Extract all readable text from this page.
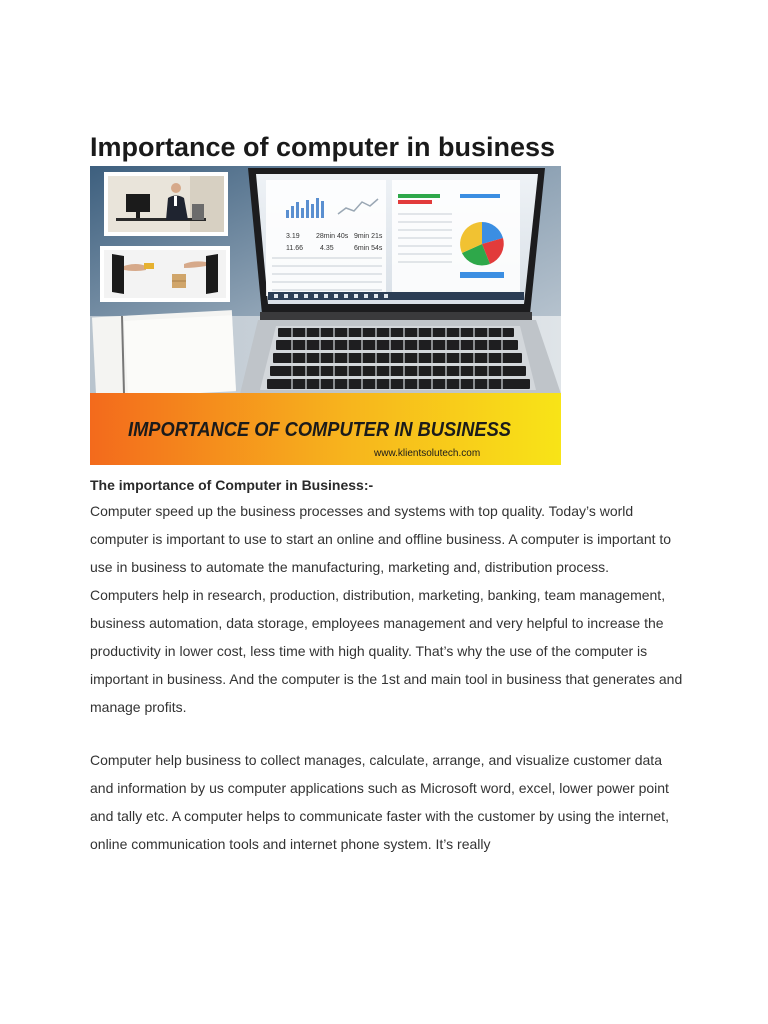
Importance of computer in business
3.19 28min 40s 9min 21s
11.66 4.35	6min 54s
IMPORTANCE OF COMPUTER IN BUSINESS
www.klientsolutech.com

The importance of Computer in Business:-

Computer speed up the business processes and systems with top quality. Today’s world computer is important to use to start an online and offline business. A computer is important to use in business to automate the manufacturing, marketing and, distribution process.

Computers help in research, production, distribution, marketing, banking, team management, business automation, data storage, employees management and very helpful to increase the productivity in lower cost, less time with high quality. That’s why the use of the computer is important in business. And the computer is the 1st and main tool in business that generates and manage profits.

Computer help business to collect manages, calculate, arrange, and visualize customer data and information by us computer applications such as Microsoft word, excel, lower power point and tally etc. A computer helps to communicate faster with the customer by using the internet, online communication tools and internet phone system. It’s really
